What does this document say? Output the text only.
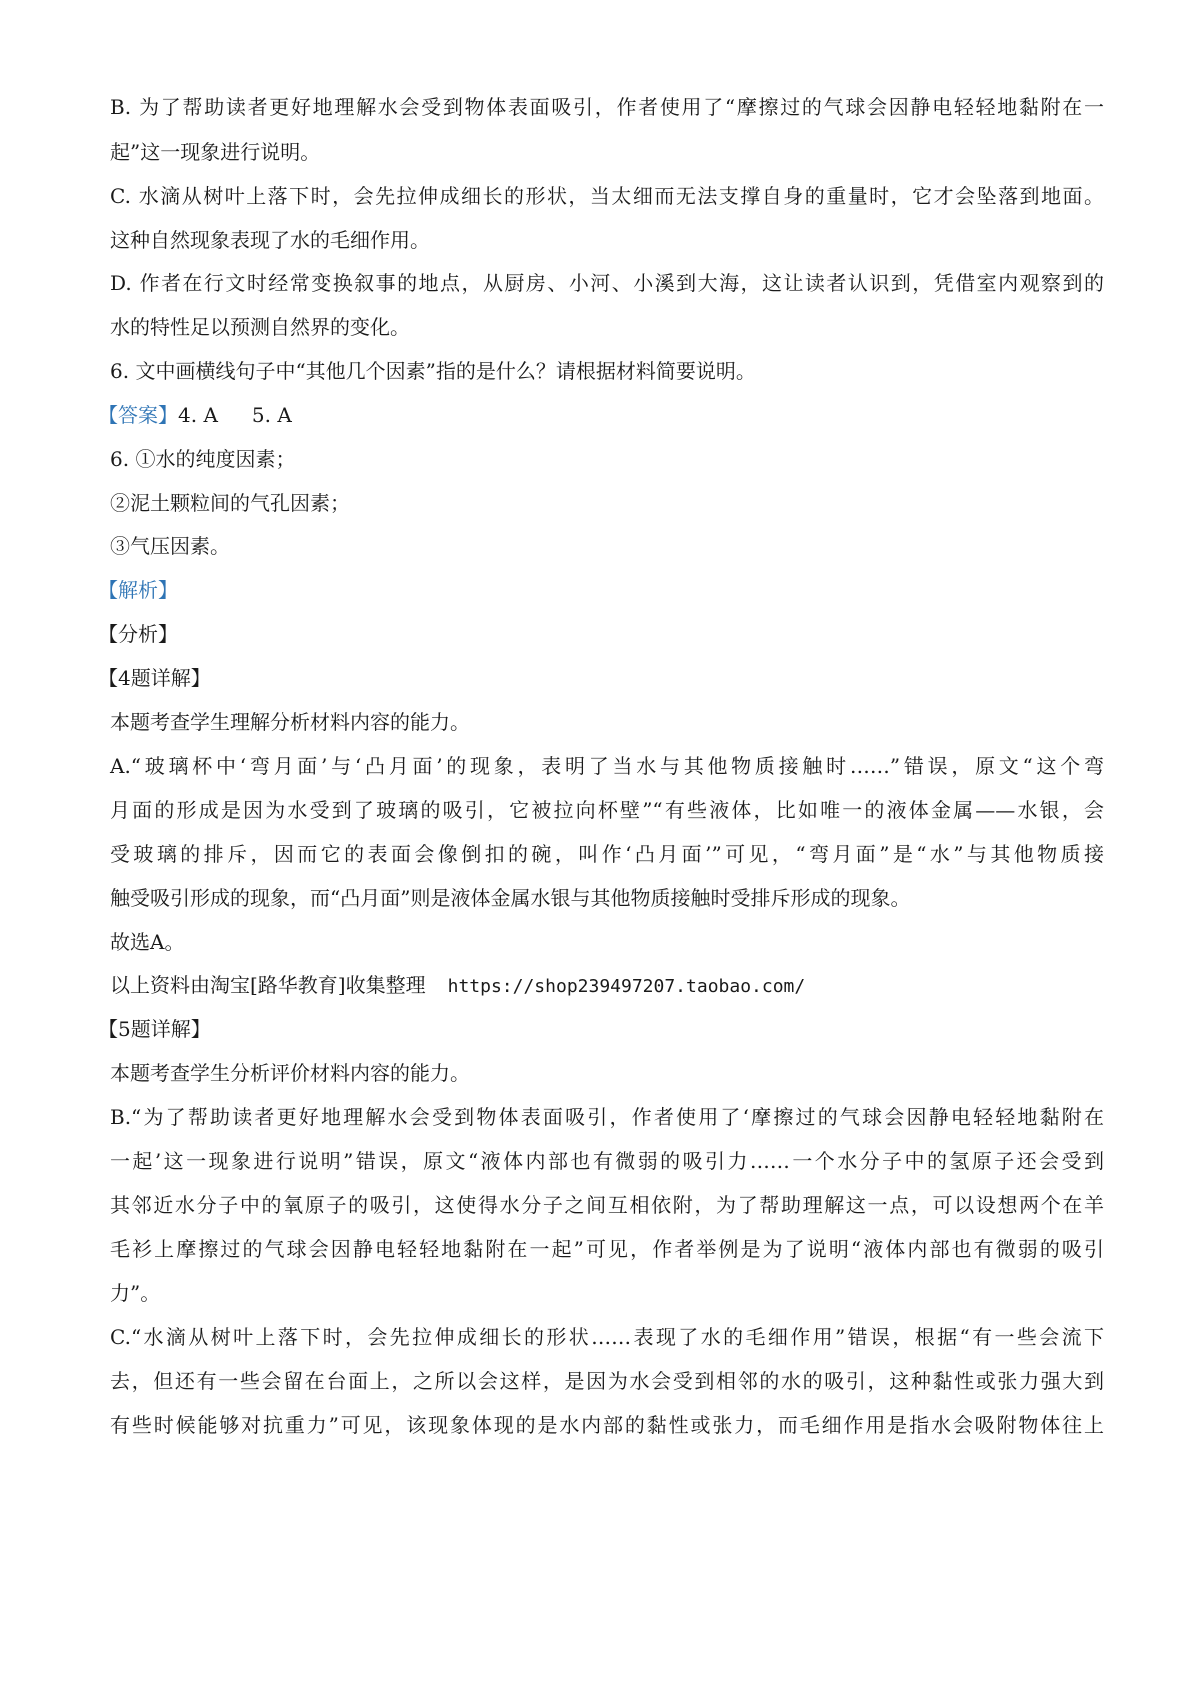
B. 为了帮助读者更好地理解水会受到物体表面吸引，作者使用了“摩擦过的气球会因静电轻轻地黏附在一
起”这一现象进行说明。
C. 水滴从树叶上落下时，会先拉伸成细长的形状，当太细而无法支撑自身的重量时，它才会坠落到地面。
这种自然现象表现了水的毛细作用。
D. 作者在行文时经常变换叙事的地点，从厨房、小河、小溪到大海，这让读者认识到，凭借室内观察到的
水的特性足以预测自然界的变化。
6. 文中画横线句子中“其他几个因素”指的是什么？请根据材料简要说明。
【答案】4. A 5. A
6. ①水的纯度因素；
②泥土颗粒间的气孔因素；
③气压因素。
【解析】
【分析】
【4题详解】
本题考查学生理解分析材料内容的能力。
A.“玻璃杯中‘弯月面’与‘凸月面’的现象，表明了当水与其他物质接触时……”错误，原文“这个弯
月面的形成是因为水受到了玻璃的吸引，它被拉向杯壁”“有些液体，比如唯一的液体金属——水银，会
受玻璃的排斥，因而它的表面会像倒扣的碗，叫作‘凸月面’”可见，“弯月面”是“水”与其他物质接
触受吸引形成的现象，而“凸月面”则是液体金属水银与其他物质接触时受排斥形成的现象。
故选A。
以上资料由淘宝[路华教育]收集整理 https://shop239497207.taobao.com/
【5题详解】
本题考查学生分析评价材料内容的能力。
B.“为了帮助读者更好地理解水会受到物体表面吸引，作者使用了‘摩擦过的气球会因静电轻轻地黏附在
一起’这一现象进行说明”错误，原文“液体内部也有微弱的吸引力……一个水分子中的氢原子还会受到
其邻近水分子中的氧原子的吸引，这使得水分子之间互相依附，为了帮助理解这一点，可以设想两个在羊
毛衫上摩擦过的气球会因静电轻轻地黏附在一起”可见，作者举例是为了说明“液体内部也有微弱的吸引
力”。
C.“水滴从树叶上落下时，会先拉伸成细长的形状……表现了水的毛细作用”错误，根据“有一些会流下
去，但还有一些会留在台面上，之所以会这样，是因为水会受到相邻的水的吸引，这种黏性或张力强大到
有些时候能够对抗重力”可见，该现象体现的是水内部的黏性或张力，而毛细作用是指水会吸附物体往上
